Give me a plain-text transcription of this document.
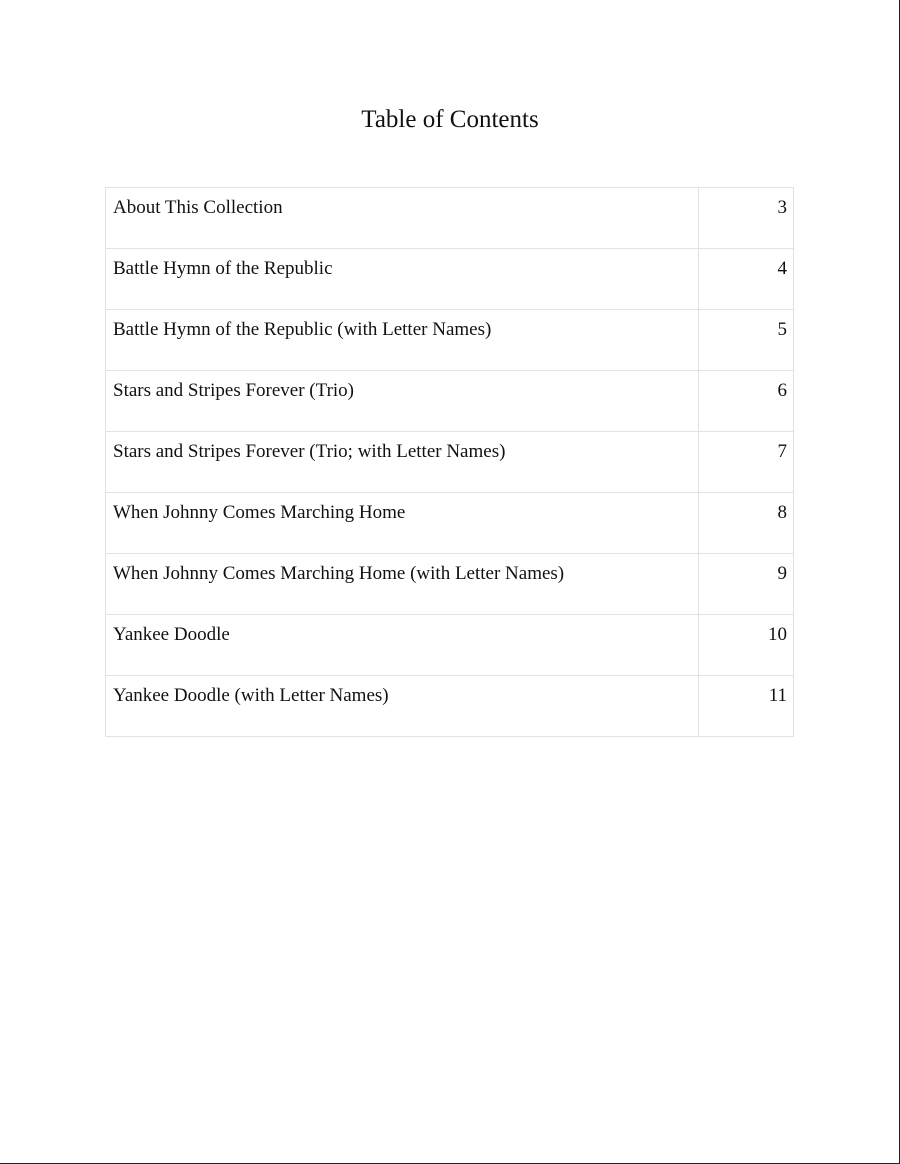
Table of Contents
About This Collection	3
Battle Hymn of the Republic	4
Battle Hymn of the Republic (with Letter Names)	5
Stars and Stripes Forever (Trio)	6
Stars and Stripes Forever (Trio; with Letter Names)	7
When Johnny Comes Marching Home	8
When Johnny Comes Marching Home (with Letter Names)	9
Yankee Doodle	10
Yankee Doodle (with Letter Names)	11
